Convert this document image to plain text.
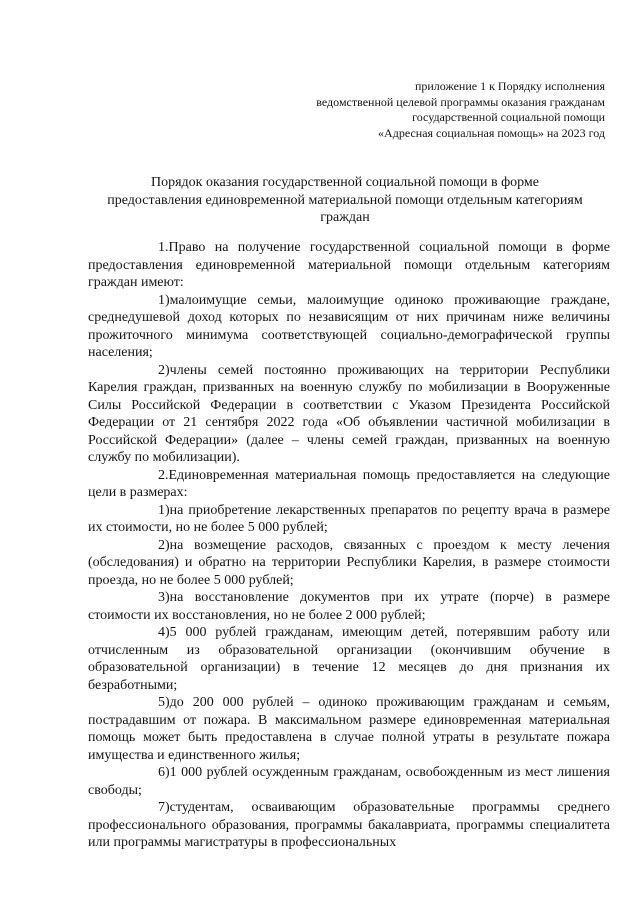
приложение 1 к Порядку исполнения
ведомственной целевой программы оказания гражданам
государственной социальной помощи
«Адресная социальная помощь» на 2023 год
Порядок оказания государственной социальной помощи в форме
предоставления единовременной материальной помощи отдельным категориям
граждан

1.Право на получение государственной социальной помощи в форме предоставления единовременной материальной помощи отдельным категориям граждан имеют:

1)малоимущие семьи, малоимущие одиноко проживающие граждане, среднедушевой доход которых по независящим от них причинам ниже величины прожиточного минимума соответствующей социально-демографической группы населения;

2)члены семей постоянно проживающих на территории Республики Карелия граждан, призванных на военную службу по мобилизации в Вооруженные Силы Российской Федерации в соответствии с Указом Президента Российской Федерации от 21 сентября 2022 года «Об объявлении частичной мобилизации в Российской Федерации» (далее – члены семей граждан, призванных на военную службу по мобилизации).

2.Единовременная материальная помощь предоставляется на следующие цели в размерах:

1)на приобретение лекарственных препаратов по рецепту врача в размере их стоимости, но не более 5 000 рублей;

2)на возмещение расходов, связанных с проездом к месту лечения (обследования) и обратно на территории Республики Карелия, в размере стоимости проезда, но не более 5 000 рублей;

3)на восстановление документов при их утрате (порче) в размере стоимости их восстановления, но не более 2 000 рублей;

4)5 000 рублей гражданам, имеющим детей, потерявшим работу или отчисленным из образовательной организации (окончившим обучение в образовательной организации) в течение 12 месяцев до дня признания их безработными;

5)до 200 000 рублей – одиноко проживающим гражданам и семьям, пострадавшим от пожара. В максимальном размере единовременная материальная помощь может быть предоставлена в случае полной утраты в результате пожара имущества и единственного жилья;

6)1 000 рублей осужденным гражданам, освобожденным из мест лишения свободы;

7)студентам, осваивающим образовательные программы среднего профессионального образования, программы бакалавриата, программы специалитета или программы магистратуры в профессиональных
